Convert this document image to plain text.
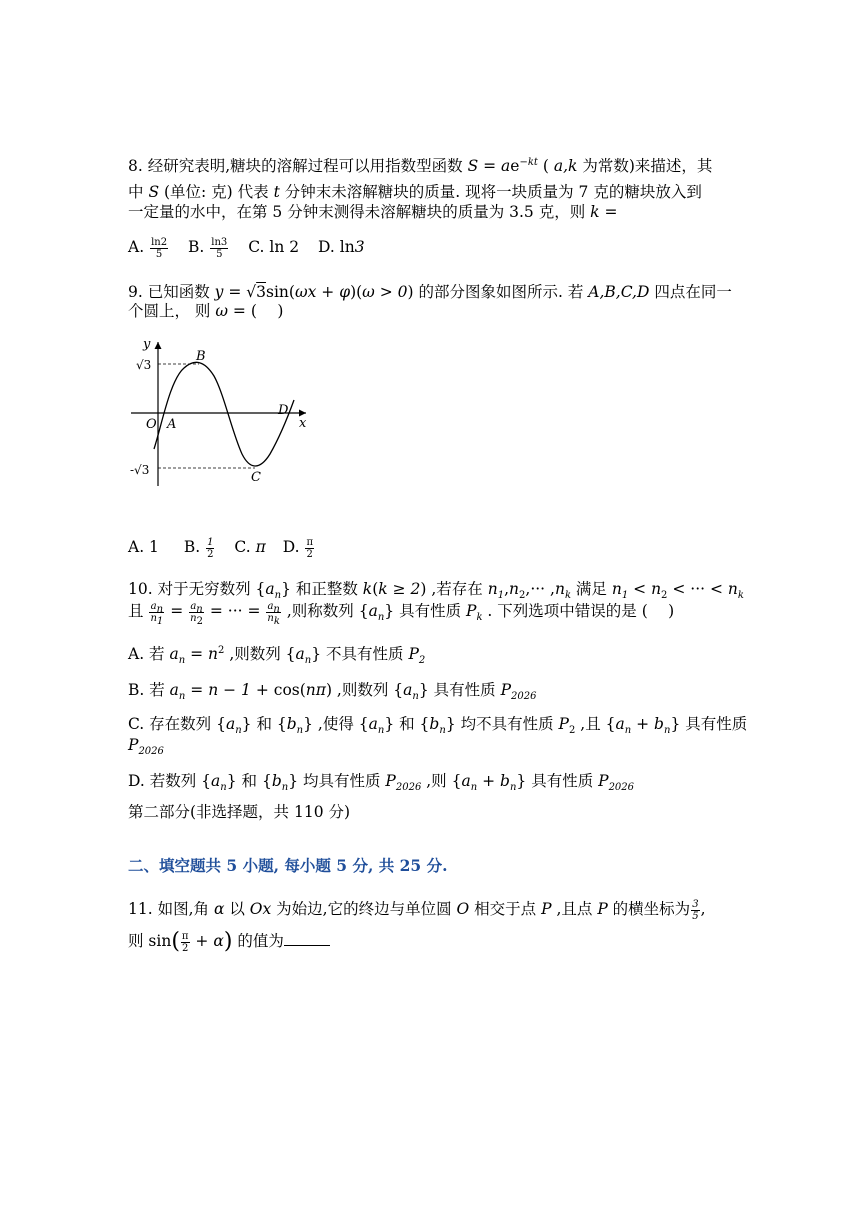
8. 经研究表明,糖块的溶解过程可以用指数型函数 $S = ae^{-kt}$ ( a,k 为常数)来描述，其
中 S (单位: 克) 代表 t 分钟末未溶解糖块的质量. 现将一块质量为 7 克的糖块放入到
一定量的水中，在第 5 分钟末测得未溶解糖块的质量为 3.5 克，则 k =
A. $\frac{\ln 2}{5} B$. $\frac{\ln 3}{5} C$. ln 2 D. ln3
9. 已知函数 y = √3sin(ωx + φ)(ω > 0) 的部分图象如图所示. 若 A,B,C,D 四点在同一
个圆上， 则 ω = (　 )
A. 1 B. $\frac{1}{2} C$. π D. $\frac{\pi}{2}$
10. 对于无穷数列 $\{a_n\}$ 和正整数 k(k ≥ 2) ,若存在 $n_1,n_2,\cdot\cdot\cdot ,n_k$ 满足 $n_1 < n_2$ < ··· < $n_k$
且 $\frac{a_n}{n_1} = \frac{a_n}{n_2}$ = ··· = $\frac{a_n}{n_k}$ ,则称数列 $\{a_n\}$ 具有性质 $P_k$ . 下列选项中错误的是 (　 )
A. 若 $a_n = n^2$ ,则数列 $\{a_n\}$ 不具有性质 $P_2$
B. 若 $a_n = n - 1 + \cos(n\pi)$ ,则数列 $\{a_n\}$ 具有性质 $P_{2026}$
C. 存在数列 $\{a_n\}$ 和 $\{b_n\}$ ,使得 $\{a_n\}$ 和 $\{b_n\}$ 均不具有性质 $P_2$ ,且 $\{a_n + b_n\}$ 具有性质
$P_{2026}$
D. 若数列 $\{a_n\}$ 和 $\{b_n\}$ 均具有性质 $P_{2026}$ ,则 $\{a_n + b_n\}$ 具有性质 $P_{2026}$
第二部分(非选择题，共 110 分)
二、填空题共 5 小题, 每小题 5 分, 共 25 分.
11. 如图,角 α 以 Ox 为始边,它的终边与单位圆 O 相交于点 P ,且点 P 的横坐标为 $\frac{3}{5}$ ,
则 $\sin( \frac{\pi}{2} + \alpha)$ 的值为
y
x
O A
B
C
D
√3
-√3
